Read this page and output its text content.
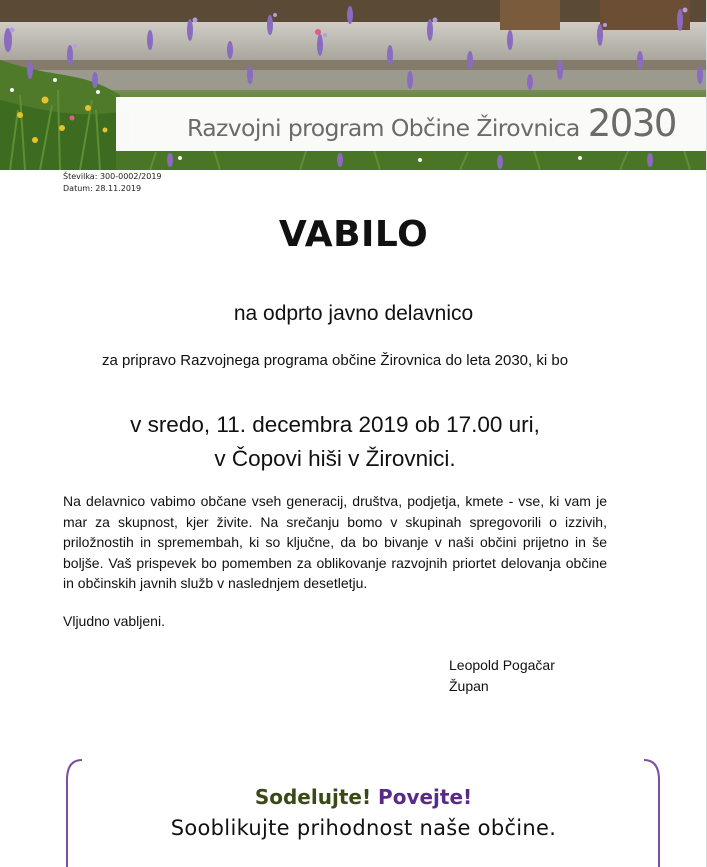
Razvojni program Občine Žirovnica 2030
Številka: 300-0002/2019
Datum: 28.11.2019
VABILO
na odprto javno delavnico
za pripravo Razvojnega programa občine Žirovnica do leta 2030, ki bo
v sredo, 11. decembra 2019 ob 17.00 uri,
v Čopovi hiši v Žirovnici.
Na delavnico vabimo občane vseh generacij, društva, podjetja, kmete - vse, ki vam je mar za skupnost, kjer živite. Na srečanju bomo v skupinah spregovorili o izzivih, priložnostih in spremembah, ki so ključne, da bo bivanje v naši občini prijetno in še boljše. Vaš prispevek bo pomemben za oblikovanje razvojnih priortet delovanja občine in občinskih javnih služb v naslednjem desetletju.
Vljudno vabljeni.
Leopold Pogačar
Župan
Sodelujte! Povejte!
Sooblikujte prihodnost naše občine.
